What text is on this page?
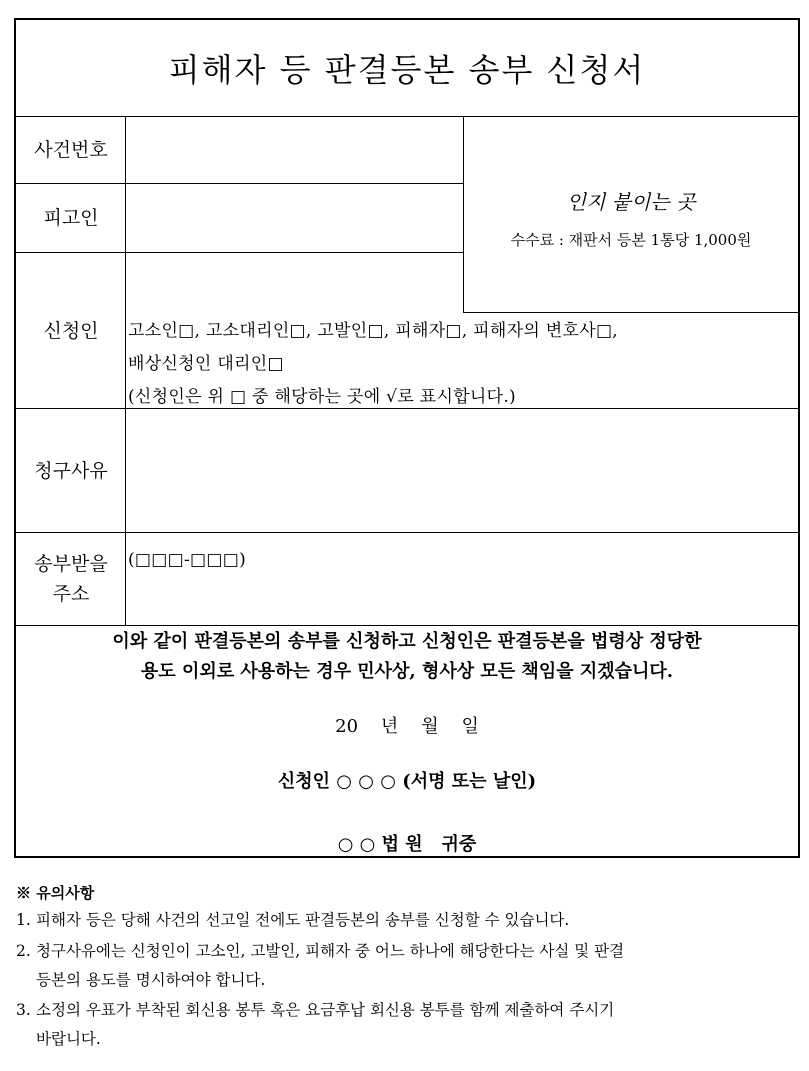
피해자 등 판결등본 송부 신청서
사건번호
피고인
신청인
청구사유
송부받을
주소
인지 붙이는 곳
수수료 : 재판서 등본 1통당 1,000원
고소인□, 고소대리인□, 고발인□, 피해자□, 피해자의 변호사□,
배상신청인 대리인□
(신청인은 위 □ 중 해당하는 곳에 √로 표시합니다.)
(□□□-□□□)
이와 같이 판결등본의 송부를 신청하고 신청인은 판결등본을 법령상 정당한
용도 이외로 사용하는 경우 민사상, 형사상 모든 책임을 지겠습니다.
20    년    월    일
신청인 ○ ○ ○ (서명 또는 날인)
○ ○ 법 원   귀중
※ 유의사항
1. 피해자 등은 당해 사건의 선고일 전에도 판결등본의 송부를 신청할 수 있습니다.
2. 청구사유에는 신청인이 고소인, 고발인, 피해자 중 어느 하나에 해당한다는 사실 및 판결
등본의 용도를 명시하여야 합니다.
3. 소정의 우표가 부착된 회신용 봉투 혹은 요금후납 회신용 봉투를 함께 제출하여 주시기
바랍니다.
